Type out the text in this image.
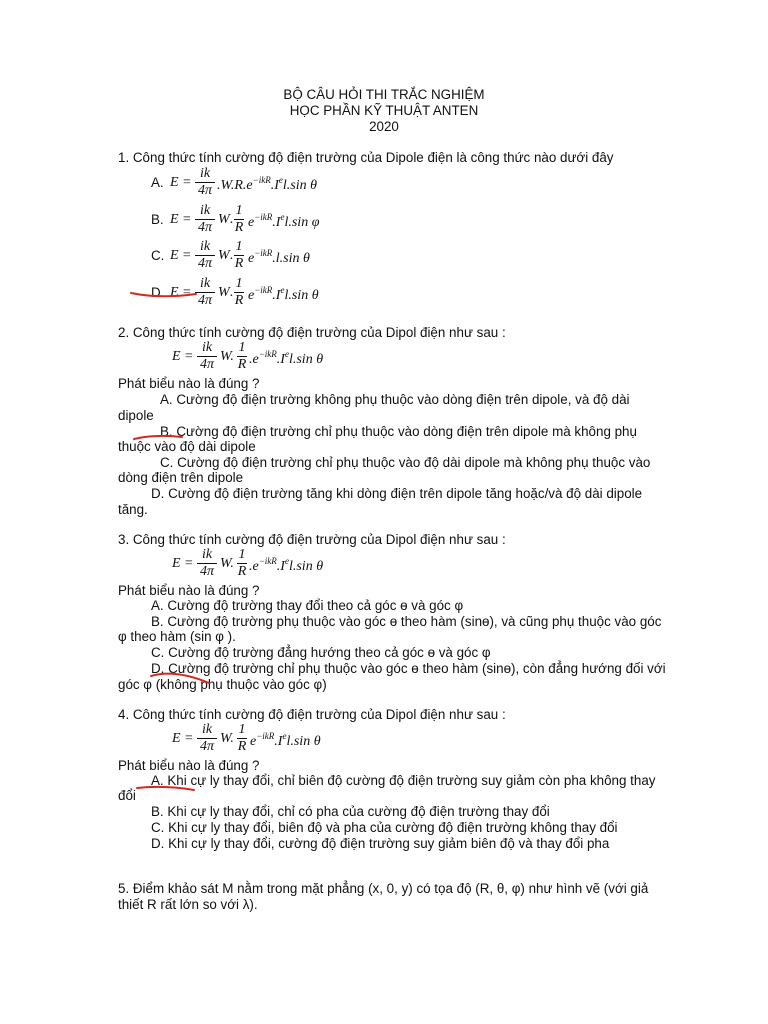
BỘ CÂU HỎI THI TRẮC NGHIỆM
HỌC PHẦN KỸ THUẬT ANTEN
2020
1. Công thức tính cường độ điện trường của Dipole điện là công thức nào dưới đây
A. $E = \frac{ik}{4\pi} .W.R.e^{-ikR}.Iel.\sin$ θ
B. $E = \frac{ik}{4\pi}$ W . $\frac{1}{R} e^{-ikR}.Iel.\sin$ φ
C. $E = \frac{ik}{4\pi}$ W . $\frac{1}{R} e^{-ikR}.l.\sin$ θ
D. $E = \frac{ik}{4\pi}$ W . $\frac{1}{R} e^{-ikR}.Iel.\sin$ θ
2. Công thức tính cường độ điện trường của Dipol điện như sau :
$E = \frac{ik}{4\pi} W$. $\frac{1}{R} .e^{-ikR}.Iel.\sin$ θ
Phát biểu nào là đúng ?
A. Cường độ điện trường không phụ thuộc vào dòng điện trên dipole, và độ dài
dipole
B. Cường độ điện trường chỉ phụ thuộc vào dòng điện trên dipole mà không phụ
thuộc vào độ dài dipole
C. Cường độ điện trường chỉ phụ thuộc vào độ dài dipole mà không phụ thuộc vào
dòng điện trên dipole
D. Cường độ điện trường tăng khi dòng điện trên dipole tăng hoặc/và độ dài dipole
tăng.
3. Công thức tính cường độ điện trường của Dipol điện như sau :
$E = \frac{ik}{4\pi} W$. $\frac{1}{R} .e^{-ikR}.Iel.\sin$ θ
Phát biểu nào là đúng ?
A. Cường độ trường thay đổi theo cả góc ɵ và góc φ
B. Cường độ trường phụ thuộc vào góc ɵ theo hàm (sinɵ), và cũng phụ thuộc vào góc
φ theo hàm (sin φ ).
C. Cường độ trường đẳng hướng theo cả góc ɵ và góc φ
D. Cường độ trường chỉ phụ thuộc vào góc ɵ theo hàm (sinɵ), còn đẳng hướng đối với
góc φ (không phụ thuộc vào góc φ)
4. Công thức tính cường độ điện trường của Dipol điện như sau :
$E = \frac{ik}{4\pi} W$. $\frac{1}{R} e^{-ikR}.Iel.\sin$ θ
Phát biểu nào là đúng ?
A. Khi cự ly thay đổi, chỉ biên độ cường độ điện trường suy giảm còn pha không thay
đổi
B. Khi cự ly thay đổi, chỉ có pha của cường độ điện trường thay đổi
C. Khi cự ly thay đổi, biên độ và pha của cường độ điện trường không thay đổi
D. Khi cự ly thay đổi, cường độ điện trường suy giảm biên độ và thay đổi pha
5. Điểm khảo sát M nằm trong mặt phẳng (x, 0, y) có tọa độ (R, θ, φ) như hình vẽ (với giả
thiết R rất lớn so với λ).
